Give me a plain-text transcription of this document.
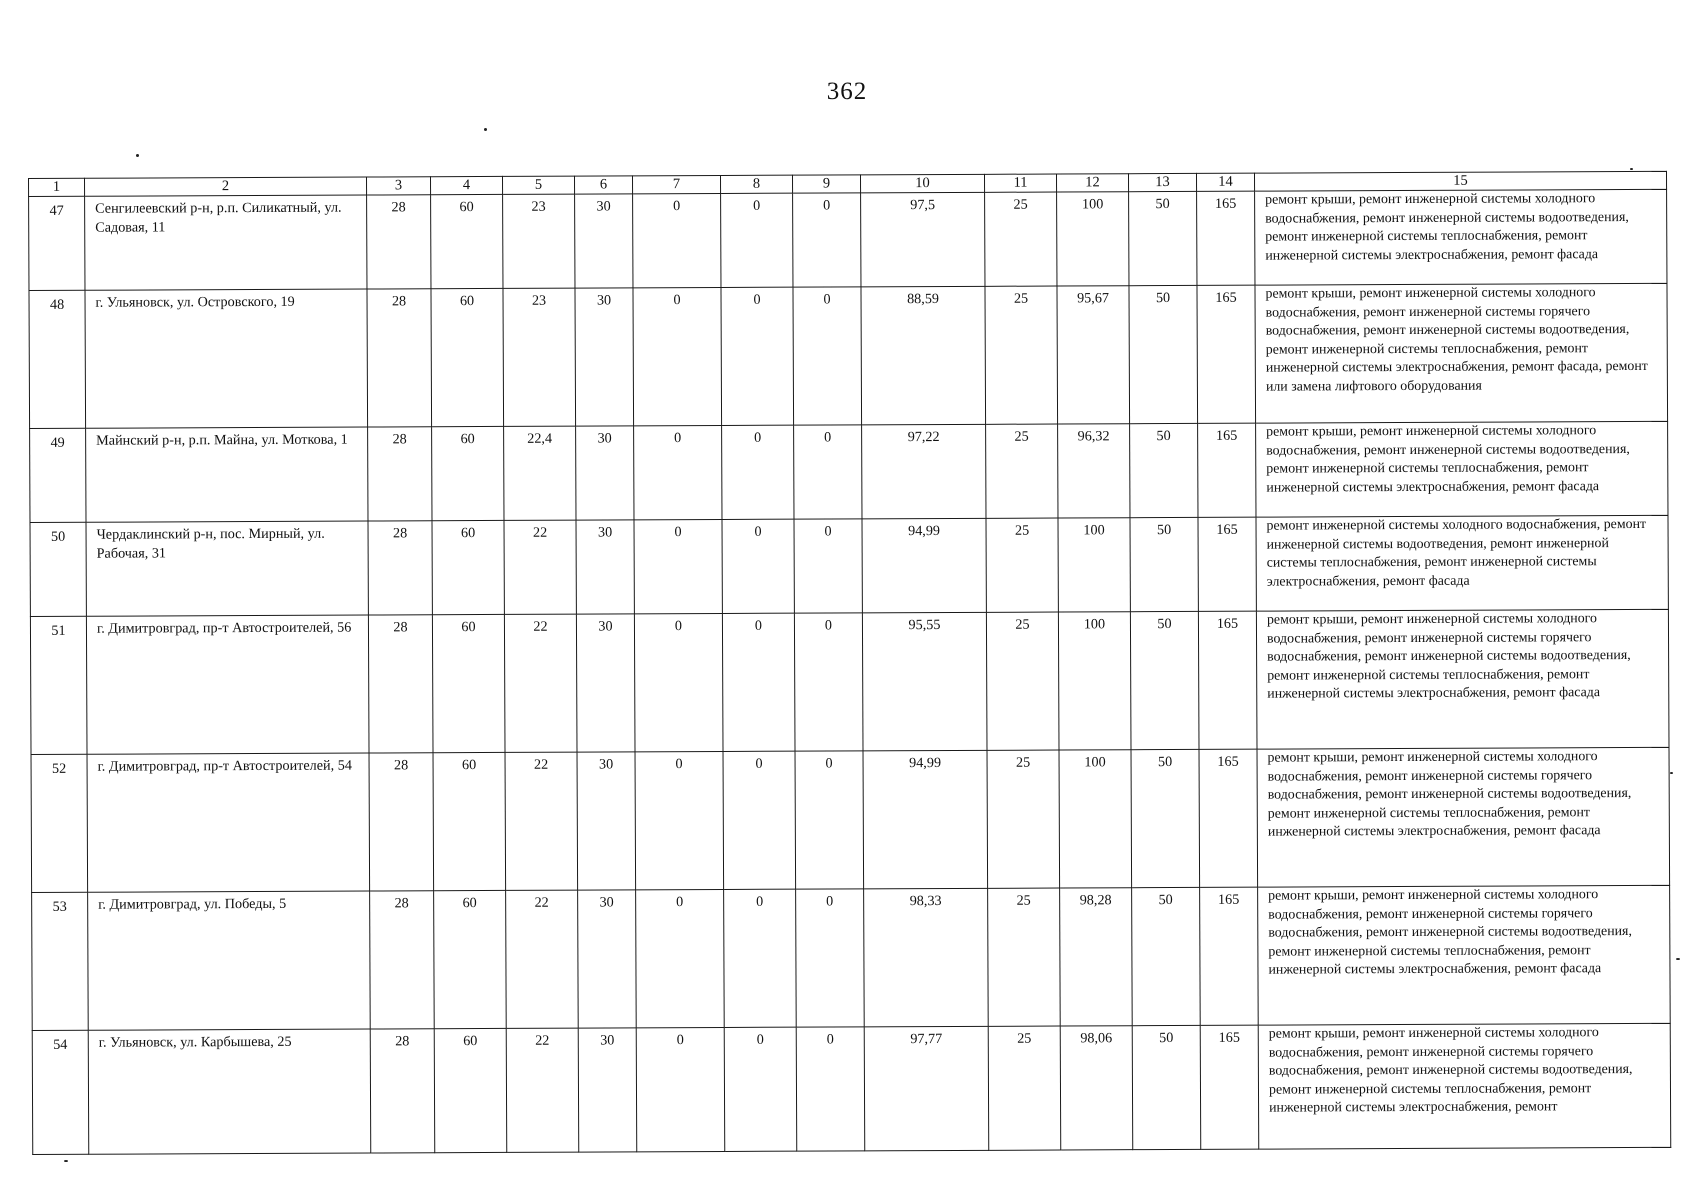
362
1	2	3	4	5	6	7	8	9	10	11	12	13	14	15
47	Сенгилеевский р-н, р.п. Силикатный, ул. Садовая, 11	28	60	23	30	0	0	0	97,5	25	100	50	165	ремонт крыши, ремонт инженерной системы холодного водоснабжения, ремонт инженерной системы водоотведения, ремонт инженерной системы теплоснабжения, ремонт инженерной системы электроснабжения, ремонт фасада
48	г. Ульяновск, ул. Островского, 19	28	60	23	30	0	0	0	88,59	25	95,67	50	165	ремонт крыши, ремонт инженерной системы холодного водоснабжения, ремонт инженерной системы горячего водоснабжения, ремонт инженерной системы водоотведения, ремонт инженерной системы теплоснабжения, ремонт инженерной системы электроснабжения, ремонт фасада, ремонт или замена лифтового оборудования
49	Майнский р-н, р.п. Майна, ул. Моткова, 1	28	60	22,4	30	0	0	0	97,22	25	96,32	50	165	ремонт крыши, ремонт инженерной системы холодного водоснабжения, ремонт инженерной системы водоотведения, ремонт инженерной системы теплоснабжения, ремонт инженерной системы электроснабжения, ремонт фасада
50	Чердаклинский р-н, пос. Мирный, ул. Рабочая, 31	28	60	22	30	0	0	0	94,99	25	100	50	165	ремонт инженерной системы холодного водоснабжения, ремонт инженерной системы водоотведения, ремонт инженерной системы теплоснабжения, ремонт инженерной системы электроснабжения, ремонт фасада
51	г. Димитровград, пр-т Автостроителей, 56	28	60	22	30	0	0	0	95,55	25	100	50	165	ремонт крыши, ремонт инженерной системы холодного водоснабжения, ремонт инженерной системы горячего водоснабжения, ремонт инженерной системы водоотведения, ремонт инженерной системы теплоснабжения, ремонт инженерной системы электроснабжения, ремонт фасада
52	г. Димитровград, пр-т Автостроителей, 54	28	60	22	30	0	0	0	94,99	25	100	50	165	ремонт крыши, ремонт инженерной системы холодного водоснабжения, ремонт инженерной системы горячего водоснабжения, ремонт инженерной системы водоотведения, ремонт инженерной системы теплоснабжения, ремонт инженерной системы электроснабжения, ремонт фасада
53	г. Димитровград, ул. Победы, 5	28	60	22	30	0	0	0	98,33	25	98,28	50	165	ремонт крыши, ремонт инженерной системы холодного водоснабжения, ремонт инженерной системы горячего водоснабжения, ремонт инженерной системы водоотведения, ремонт инженерной системы теплоснабжения, ремонт инженерной системы электроснабжения, ремонт фасада
54	г. Ульяновск, ул. Карбышева, 25	28	60	22	30	0	0	0	97,77	25	98,06	50	165	ремонт крыши, ремонт инженерной системы холодного водоснабжения, ремонт инженерной системы горячего водоснабжения, ремонт инженерной системы водоотведения, ремонт инженерной системы теплоснабжения, ремонт инженерной системы электроснабжения, ремонт
